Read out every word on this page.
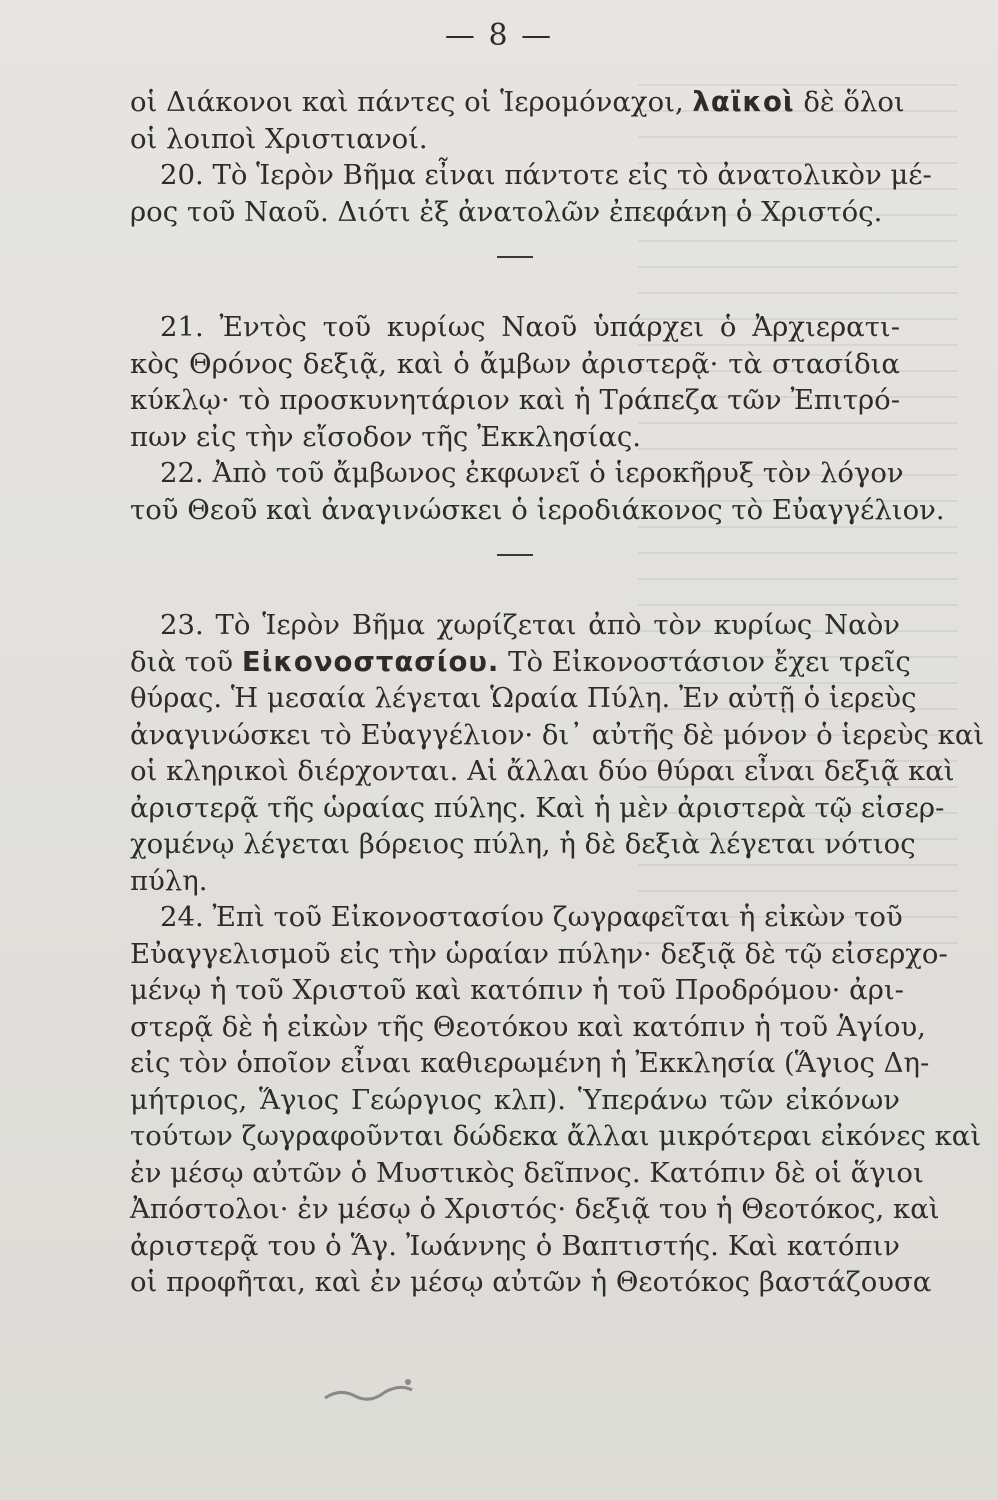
— 8 —
οἱ Διάκονοι καὶ πάντες οἱ Ἱερομόναχοι, λαϊκοὶ δὲ ὅλοι
οἱ λοιποὶ Χριστιανοί.
20. Τὸ Ἱερὸν Βῆμα εἶναι πάντοτε εἰς τὸ ἀνατολικὸν μέ-
ρος τοῦ Ναοῦ. Διότι ἐξ ἀνατολῶν ἐπεφάνη ὁ Χριστός.
21. Ἐντὸς τοῦ κυρίως Ναοῦ ὑπάρχει ὁ Ἀρχιερατι-
κὸς Θρόνος δεξιᾷ, καὶ ὁ ἄμβων ἀριστερᾷ· τὰ στασίδια
κύκλῳ· τὸ προσκυνητάριον καὶ ἡ Τράπεζα τῶν Ἐπιτρό-
πων εἰς τὴν εἴσοδον τῆς Ἐκκλησίας.
22. Ἀπὸ τοῦ ἄμβωνος ἐκφωνεῖ ὁ ἱεροκῆρυξ τὸν λόγον
τοῦ Θεοῦ καὶ ἀναγινώσκει ὁ ἱεροδιάκονος τὸ Εὐαγγέλιον.
23. Τὸ Ἱερὸν Βῆμα χωρίζεται ἀπὸ τὸν κυρίως Ναὸν
διὰ τοῦ Εἰκονοστασίου. Τὸ Εἰκονοστάσιον ἔχει τρεῖς
θύρας. Ἡ μεσαία λέγεται Ὡραία Πύλη. Ἐν αὐτῇ ὁ ἱερεὺς
ἀναγινώσκει τὸ Εὐαγγέλιον· δι᾽ αὐτῆς δὲ μόνον ὁ ἱερεὺς καὶ
οἱ κληρικοὶ διέρχονται. Αἱ ἄλλαι δύο θύραι εἶναι δεξιᾷ καὶ
ἀριστερᾷ τῆς ὡραίας πύλης. Καὶ ἡ μὲν ἀριστερὰ τῷ εἰσερ-
χομένῳ λέγεται βόρειος πύλη, ἡ δὲ δεξιὰ λέγεται νότιος
πύλη.
24. Ἐπὶ τοῦ Εἰκονοστασίου ζωγραφεῖται ἡ εἰκὼν τοῦ
Εὐαγγελισμοῦ εἰς τὴν ὡραίαν πύλην· δεξιᾷ δὲ τῷ εἰσερχο-
μένῳ ἡ τοῦ Χριστοῦ καὶ κατόπιν ἡ τοῦ Προδρόμου· ἀρι-
στερᾷ δὲ ἡ εἰκὼν τῆς Θεοτόκου καὶ κατόπιν ἡ τοῦ Ἁγίου,
εἰς τὸν ὁποῖον εἶναι καθιερωμένη ἡ Ἐκκλησία (Ἅγιος Δη-
μήτριος, Ἅγιος Γεώργιος κλπ). Ὑπεράνω τῶν εἰκόνων
τούτων ζωγραφοῦνται δώδεκα ἄλλαι μικρότεραι εἰκόνες καὶ
ἐν μέσῳ αὐτῶν ὁ Μυστικὸς δεῖπνος. Κατόπιν δὲ οἱ ἅγιοι
Ἀπόστολοι· ἐν μέσῳ ὁ Χριστός· δεξιᾷ του ἡ Θεοτόκος, καὶ
ἀριστερᾷ του ὁ Ἅγ. Ἰωάννης ὁ Βαπτιστής. Καὶ κατόπιν
οἱ προφῆται, καὶ ἐν μέσῳ αὐτῶν ἡ Θεοτόκος βαστάζουσα
